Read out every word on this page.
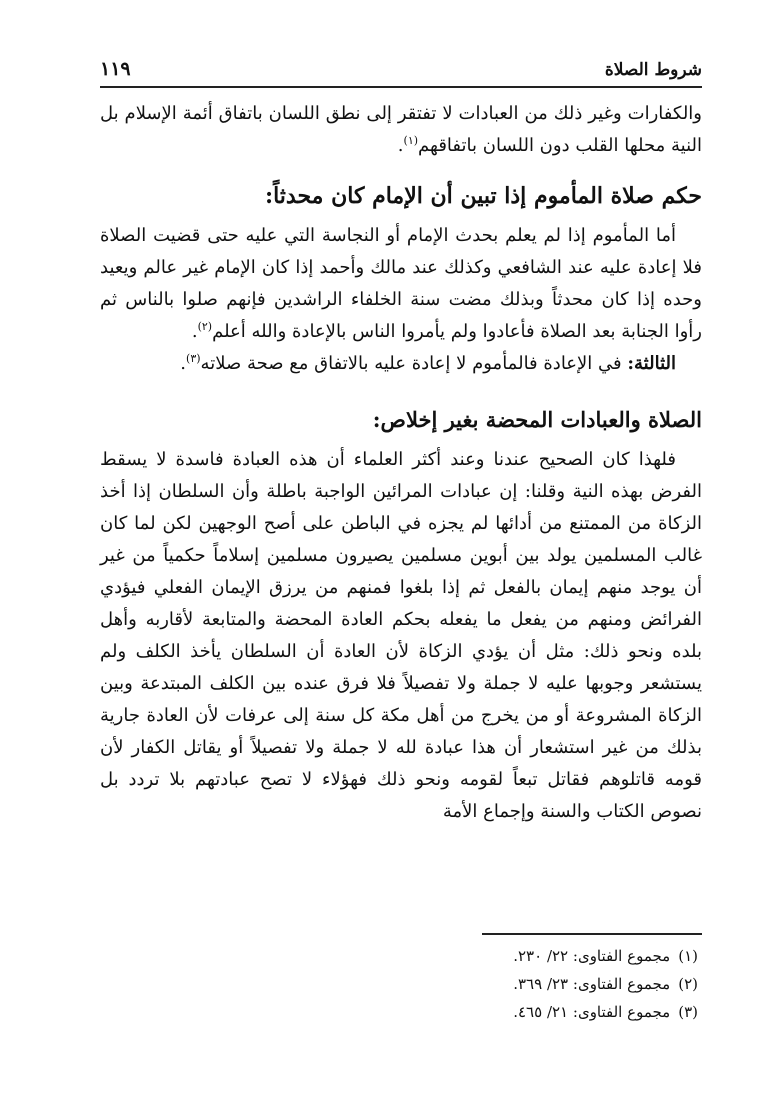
١١٩	شروط الصلاة

والكفارات وغير ذلك من العبادات لا تفتقر إلى نطق اللسان باتفاق أئمة الإسلام بل النية محلها القلب دون اللسان باتفاقهم$^{(١)}$.

حكم صلاة المأموم إذا تبين أن الإمام كان محدثاً:

أما المأموم إذا لم يعلم بحدث الإمام أو النجاسة التي عليه حتى قضيت الصلاة فلا إعادة عليه عند الشافعي وكذلك عند مالك وأحمد إذا كان الإمام غير عالم ويعيد وحده إذا كان محدثاً وبذلك مضت سنة الخلفاء الراشدين فإنهم صلوا بالناس ثم رأوا الجنابة بعد الصلاة فأعادوا ولم يأمروا الناس بالإعادة والله أعلم$^{(٢)}$.

الثالثة: في الإعادة فالمأموم لا إعادة عليه بالاتفاق مع صحة صلاته$^{(٣)}$.

الصلاة والعبادات المحضة بغير إخلاص:

فلهذا كان الصحيح عندنا وعند أكثر العلماء أن هذه العبادة فاسدة لا يسقط الفرض بهذه النية وقلنا: إن عبادات المرائين الواجبة باطلة وأن السلطان إذا أخذ الزكاة من الممتنع من أدائها لم يجزه في الباطن على أصح الوجهين لكن لما كان غالب المسلمين يولد بين أبوين مسلمين يصيرون مسلمين إسلاماً حكمياً من غير أن يوجد منهم إيمان بالفعل ثم إذا بلغوا فمنهم من يرزق الإيمان الفعلي فيؤدي الفرائض ومنهم من يفعل ما يفعله بحكم العادة المحضة والمتابعة لأقاربه وأهل بلده ونحو ذلك: مثل أن يؤدي الزكاة لأن العادة أن السلطان يأخذ الكلف ولم يستشعر وجوبها عليه لا جملة ولا تفصيلاً فلا فرق عنده بين الكلف المبتدعة وبين الزكاة المشروعة أو من يخرج من أهل مكة كل سنة إلى عرفات لأن العادة جارية بذلك من غير استشعار أن هذا عبادة لله لا جملة ولا تفصيلاً أو يقاتل الكفار لأن قومه قاتلوهم فقاتل تبعاً لقومه ونحو ذلك فهؤلاء لا تصح عبادتهم بلا تردد بل نصوص الكتاب والسنة وإجماع الأمة

(١)
مجموع الفتاوى: ٢٢/ ٢٣٠.
(٢)
مجموع الفتاوى: ٢٣/ ٣٦٩.
(٣)
مجموع الفتاوى: ٢١/ ٤٦٥.
